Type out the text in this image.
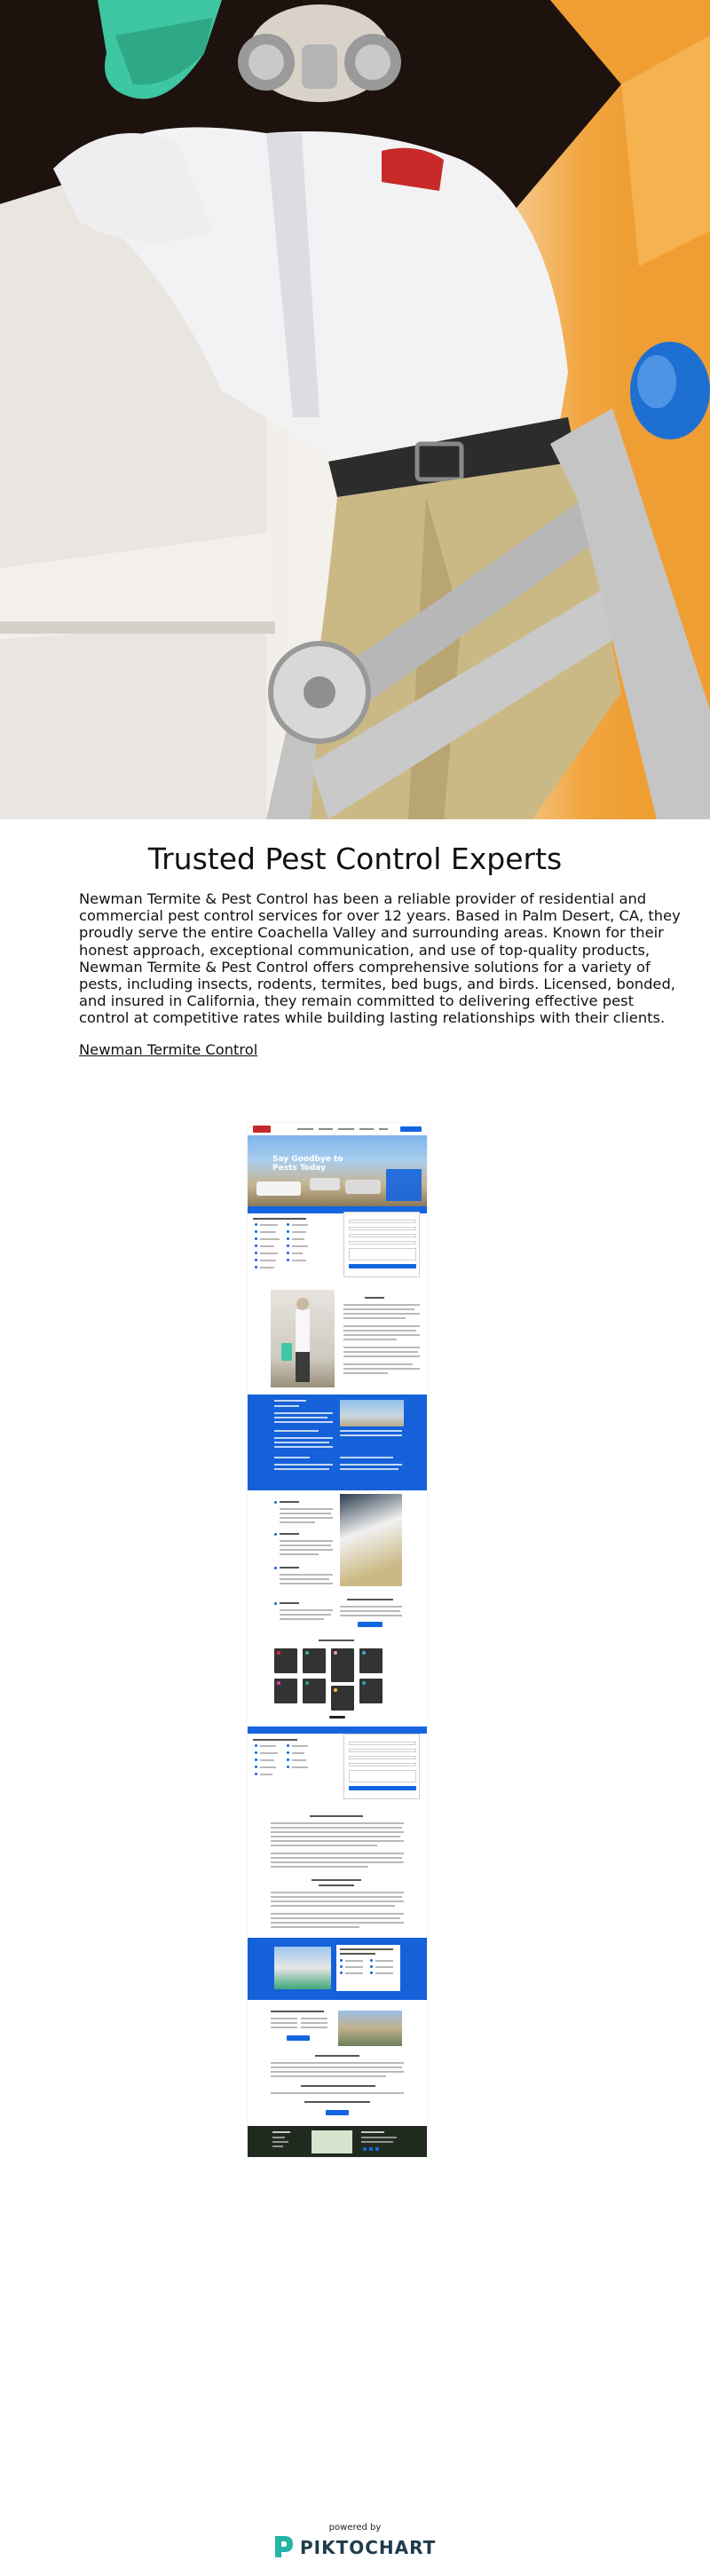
Trusted Pest Control Experts

Newman Termite & Pest Control has been a reliable provider of residential and commercial pest control services for over 12 years. Based in Palm Desert, CA, they proudly serve the entire Coachella Valley and surrounding areas. Known for their honest approach, exceptional communication, and use of top-quality products, Newman Termite & Pest Control offers comprehensive solutions for a variety of pests, including insects, rodents, termites, bed bugs, and birds. Licensed, bonded, and insured in California, they remain committed to delivering effective pest control at competitive rates while building lasting relationships with their clients.

Newman Termite Control
Say Goodbye to
Pests Today
powered by
PIKTOCHART
